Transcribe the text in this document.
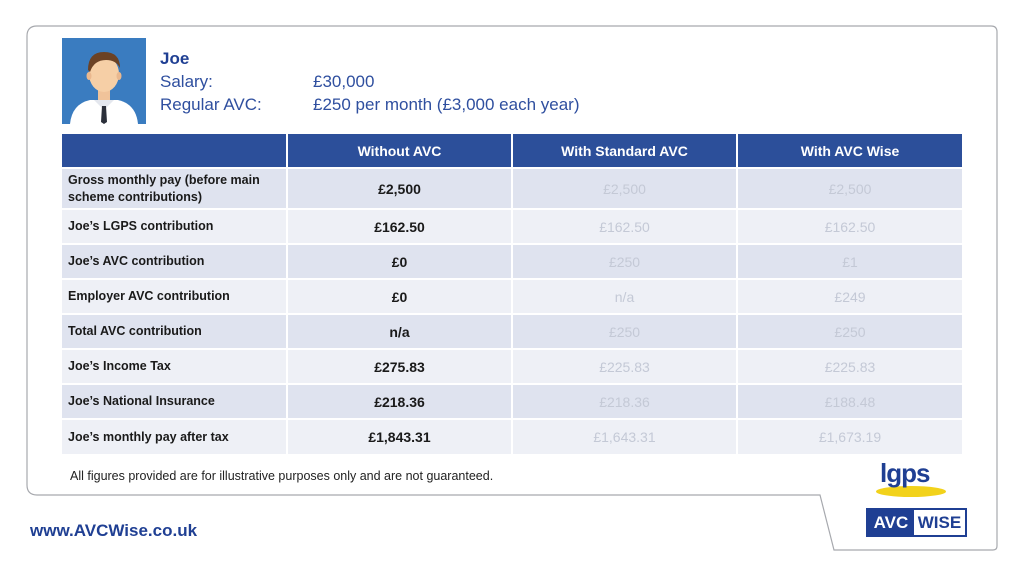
Joe
Salary:	£30,000
Regular AVC:	£250 per month (£3,000 each year)
	Without AVC	With Standard AVC	With AVC Wise
Gross monthly pay (before main scheme contributions)	£2,500	£2,500	£2,500
Joe’s LGPS contribution	£162.50	£162.50	£162.50
Joe’s AVC contribution	£0	£250	£1
Employer AVC contribution	£0	n/a	£249
Total AVC contribution	n/a	£250	£250
Joe’s Income Tax	£275.83	£225.83	£225.83
Joe’s National Insurance	£218.36	£218.36	£188.48
Joe’s monthly pay after tax	£1,843.31	£1,643.31	£1,673.19
All figures provided are for illustrative purposes only and are not guaranteed.
www.AVCWise.co.uk
lgps
AVC WISE
